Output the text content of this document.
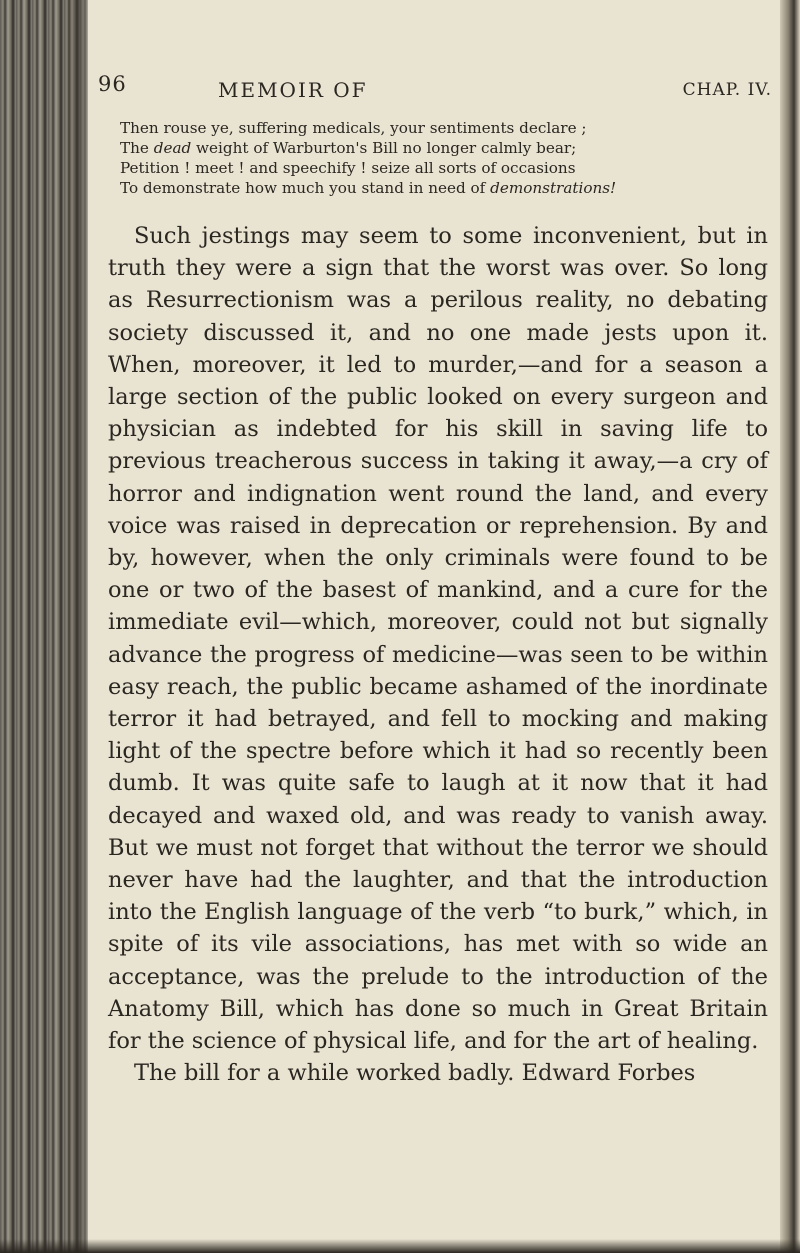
96	MEMOIR OF	CHAP. IV.
Then rouse ye, suffering medicals, your sentiments declare ;
The dead weight of Warburton's Bill no longer calmly bear;
Petition ! meet ! and speechify ! seize all sorts of occasions
To demonstrate how much you stand in need of demonstrations!

Such jestings may seem to some inconvenient, but in truth they were a sign that the worst was over. So long as Resurrectionism was a perilous reality, no debating society discussed it, and no one made jests upon it. When, moreover, it led to murder,—and for a season a large section of the public looked on every surgeon and physician as indebted for his skill in saving life to previous treacherous success in taking it away,—a cry of horror and indignation went round the land, and every voice was raised in deprecation or reprehension. By and by, however, when the only criminals were found to be one or two of the basest of mankind, and a cure for the immediate evil—which, moreover, could not but signally advance the progress of medicine—was seen to be within easy reach, the public became ashamed of the inordinate terror it had betrayed, and fell to mocking and making light of the spectre before which it had so recently been dumb. It was quite safe to laugh at it now that it had decayed and waxed old, and was ready to vanish away. But we must not forget that without the terror we should never have had the laughter, and that the introduction into the English language of the verb “to burk,” which, in spite of its vile associations, has met with so wide an acceptance, was the prelude to the introduction of the Anatomy Bill, which has done so much in Great Britain for the science of physical life, and for the art of healing.

The bill for a while worked badly. Edward Forbes
